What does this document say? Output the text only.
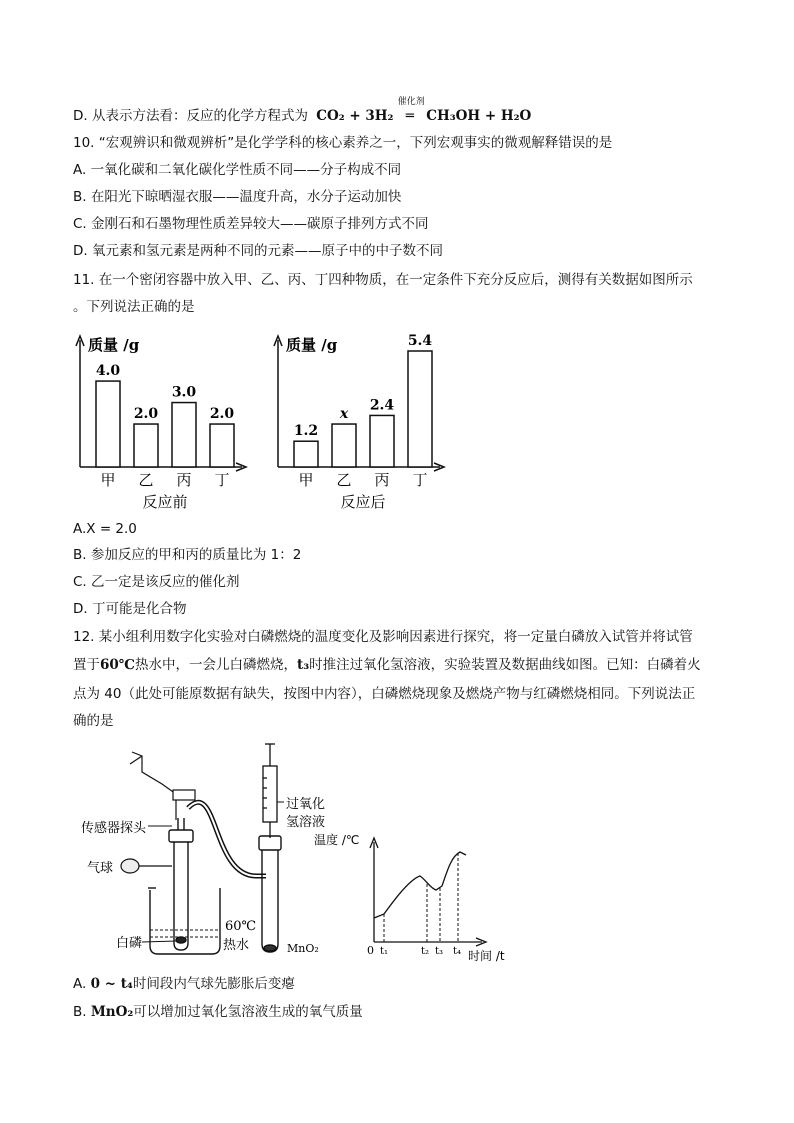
D. 从表示方法看：反应的化学方程式为 CO₂ + 3H₂
催化剂
═ CH₃OH + H₂O
10. “宏观辨识和微观辨析”是化学学科的核心素养之一，下列宏观事实的微观解释错误的是
A. 一氧化碳和二氧化碳化学性质不同——分子构成不同
B. 在阳光下晾晒湿衣服——温度升高，水分子运动加快
C. 金刚石和石墨物理性质差异较大——碳原子排列方式不同
D. 氧元素和氢元素是两种不同的元素——原子中的中子数不同
11. 在一个密闭容器中放入甲、乙、丙、丁四种物质，在一定条件下充分反应后，测得有关数据如图所示
。下列说法正确的是
质量 /g
4.0
甲
2.0
乙
3.0
丙
2.0
丁
反应前
质量 /g
1.2
甲
x
乙
2.4
丙
5.4
丁
反应后
A.X = 2.0
B. 参加反应的甲和丙的质量比为 1：2
C. 乙一定是该反应的催化剂
D. 丁可能是化合物
12. 某小组利用数字化实验对白磷燃烧的温度变化及影响因素进行探究，将一定量白磷放入试管并将试管
置于60℃热水中，一会儿白磷燃烧，t₃时推注过氧化氢溶液，实验装置及数据曲线如图。已知：白磷着火
点为 40（此处可能原数据有缺失，按图中内容），白磷燃烧现象及燃烧产物与红磷燃烧相同。下列说法正
确的是
传感器探头
气球
过氧化
氢溶液
白磷
60℃
热水	MnO₂	0 t₁	t₂ t₃ t₄
温度 /℃
时间 /t
A. 0 ~ t₄时间段内气球先膨胀后变瘪
B. MnO₂可以增加过氧化氢溶液生成的氧气质量
